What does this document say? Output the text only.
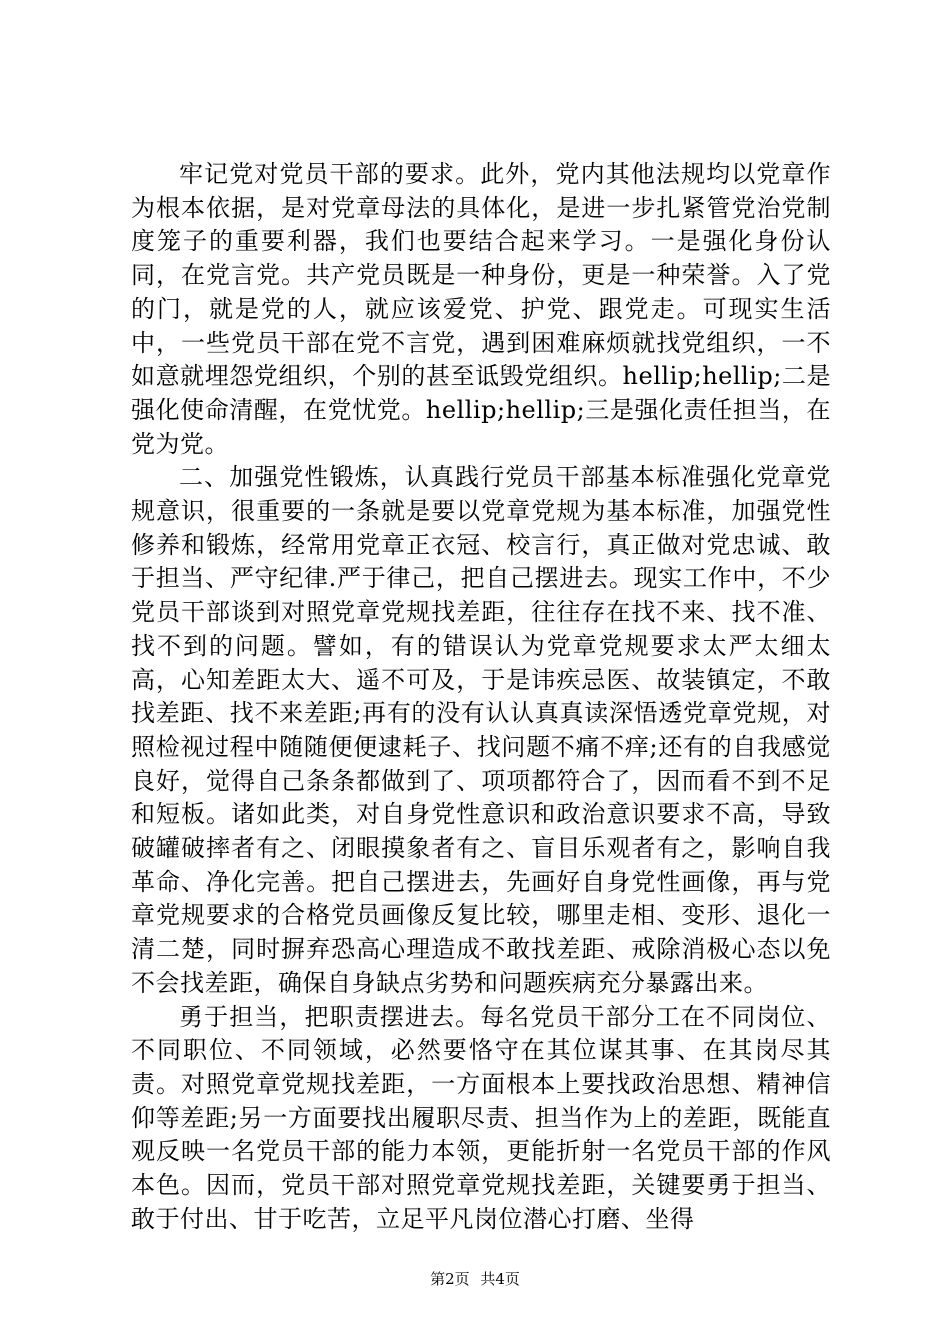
牢记党对党员干部的要求。此外，党内其他法规均以党章作为根本依据，是对党章母法的具体化，是进一步扎紧管党治党制度笼子的重要利器，我们也要结合起来学习。一是强化身份认同，在党言党。共产党员既是一种身份，更是一种荣誉。入了党的门，就是党的人，就应该爱党、护党、跟党走。可现实生活中，一些党员干部在党不言党，遇到困难麻烦就找党组织，一不如意就埋怨党组织，个别的甚至诋毁党组织。hellip;hellip;二是强化使命清醒，在党忧党。hellip;hellip;三是强化责任担当，在党为党。

二、加强党性锻炼，认真践行党员干部基本标准强化党章党规意识，很重要的一条就是要以党章党规为基本标准，加强党性修养和锻炼，经常用党章正衣冠、校言行，真正做对党忠诚、敢于担当、严守纪律.严于律己，把自己摆进去。现实工作中，不少党员干部谈到对照党章党规找差距，往往存在找不来、找不准、找不到的问题。譬如，有的错误认为党章党规要求太严太细太高，心知差距太大、遥不可及，于是讳疾忌医、故装镇定，不敢找差距、找不来差距;再有的没有认认真真读深悟透党章党规，对照检视过程中随随便便逮耗子、找问题不痛不痒;还有的自我感觉良好，觉得自己条条都做到了、项项都符合了，因而看不到不足和短板。诸如此类，对自身党性意识和政治意识要求不高，导致破罐破摔者有之、闭眼摸象者有之、盲目乐观者有之，影响自我革命、净化完善。把自己摆进去，先画好自身党性画像，再与党章党规要求的合格党员画像反复比较，哪里走相、变形、退化一清二楚，同时摒弃恐高心理造成不敢找差距、戒除消极心态以免不会找差距，确保自身缺点劣势和问题疾病充分暴露出来。

勇于担当，把职责摆进去。每名党员干部分工在不同岗位、不同职位、不同领域，必然要恪守在其位谋其事、在其岗尽其责。对照党章党规找差距，一方面根本上要找政治思想、精神信仰等差距;另一方面要找出履职尽责、担当作为上的差距，既能直观反映一名党员干部的能力本领，更能折射一名党员干部的作风本色。因而，党员干部对照党章党规找差距，关键要勇于担当、敢于付出、甘于吃苦，立足平凡岗位潜心打磨、坐得

第2页 共4页
